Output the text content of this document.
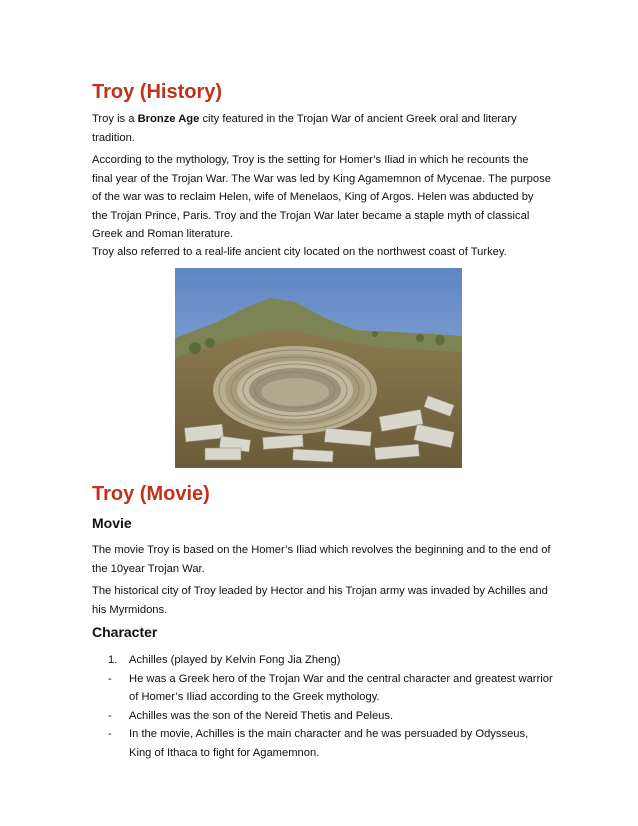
Troy (History)

Troy is a Bronze Age city featured in the Trojan War of ancient Greek oral and literary tradition.

According to the mythology, Troy is the setting for Homer’s Iliad in which he recounts the final year of the Trojan War. The War was led by King Agamemnon of Mycenae. The purpose of the war was to reclaim Helen, wife of Menelaos, King of Argos. Helen was abducted by the Trojan Prince, Paris. Troy and the Trojan War later became a staple myth of classical Greek and Roman literature.

Troy also referred to a real-life ancient city located on the northwest coast of Turkey.

Troy (Movie)
Movie

The movie Troy is based on the Homer’s Iliad which revolves the beginning and to the end of the 10year Trojan War.

The historical city of Troy leaded by Hector and his Trojan army was invaded by Achilles and his Myrmidons.

Character
1. Achilles (played by Kelvin Fong Jia Zheng)
- He was a Greek hero of the Trojan War and the central character and greatest warrior of Homer’s Iliad according to the Greek mythology.
- Achilles was the son of the Nereid Thetis and Peleus.
- In the movie, Achilles is the main character and he was persuaded by Odysseus, King of Ithaca to fight for Agamemnon.
